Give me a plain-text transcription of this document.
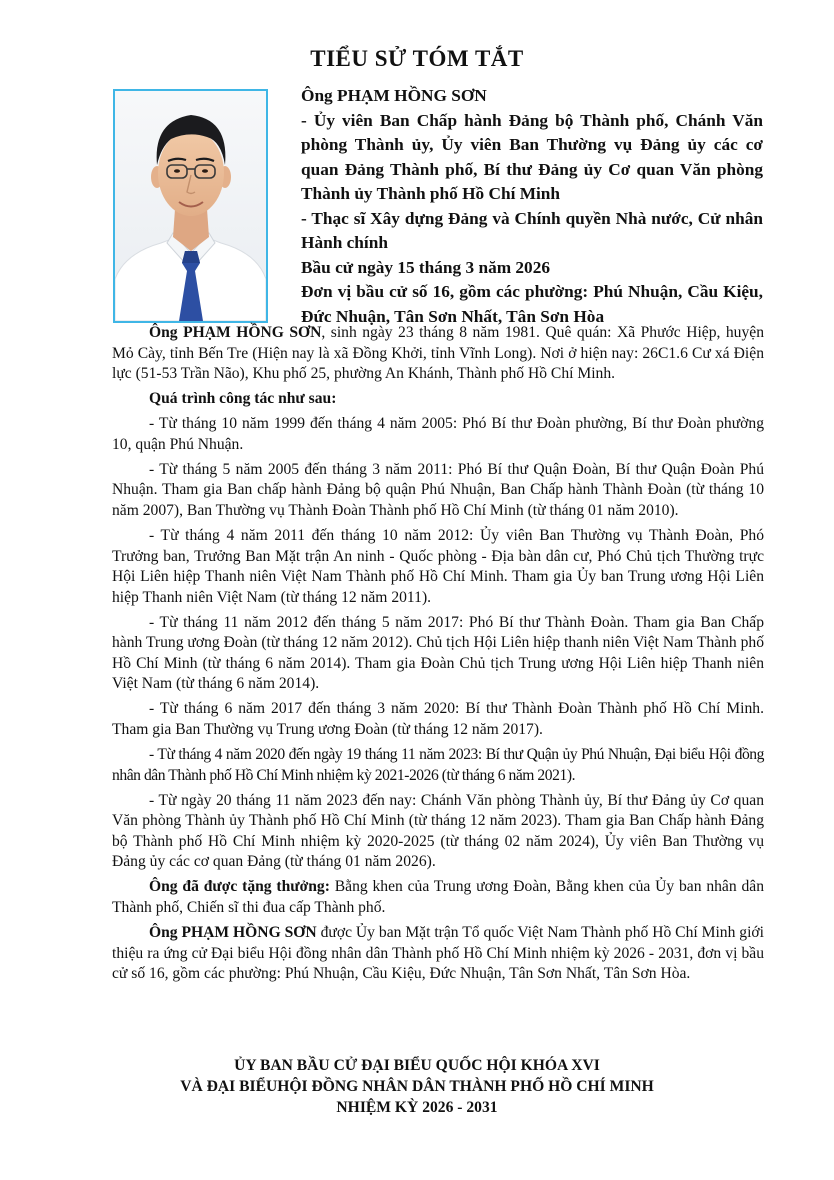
TIỂU SỬ TÓM TẮT
Ông PHẠM HỒNG SƠN
- Ủy viên Ban Chấp hành Đảng bộ Thành phố, Chánh Văn phòng Thành ủy, Ủy viên Ban Thường vụ Đảng ủy các cơ quan Đảng Thành phố, Bí thư Đảng ủy Cơ quan Văn phòng Thành ủy Thành phố Hồ Chí Minh
- Thạc sĩ Xây dựng Đảng và Chính quyền Nhà nước, Cử nhân Hành chính
Bầu cử ngày 15 tháng 3 năm 2026
Đơn vị bầu cử số 16, gồm các phường: Phú Nhuận, Cầu Kiệu, Đức Nhuận, Tân Sơn Nhất, Tân Sơn Hòa

Ông PHẠM HỒNG SƠN, sinh ngày 23 tháng 8 năm 1981. Quê quán: Xã Phước Hiệp, huyện Mỏ Cày, tỉnh Bến Tre (Hiện nay là xã Đồng Khởi, tỉnh Vĩnh Long). Nơi ở hiện nay: 26C1.6 Cư xá Điện lực (51-53 Trần Não), Khu phố 25, phường An Khánh, Thành phố Hồ Chí Minh.

Quá trình công tác như sau:

- Từ tháng 10 năm 1999 đến tháng 4 năm 2005: Phó Bí thư Đoàn phường, Bí thư Đoàn phường 10, quận Phú Nhuận.

- Từ tháng 5 năm 2005 đến tháng 3 năm 2011: Phó Bí thư Quận Đoàn, Bí thư Quận Đoàn Phú Nhuận. Tham gia Ban chấp hành Đảng bộ quận Phú Nhuận, Ban Chấp hành Thành Đoàn (từ tháng 10 năm 2007), Ban Thường vụ Thành Đoàn Thành phố Hồ Chí Minh (từ tháng 01 năm 2010).

- Từ tháng 4 năm 2011 đến tháng 10 năm 2012: Ủy viên Ban Thường vụ Thành Đoàn, Phó Trưởng ban, Trưởng Ban Mặt trận An ninh - Quốc phòng - Địa bàn dân cư, Phó Chủ tịch Thường trực Hội Liên hiệp Thanh niên Việt Nam Thành phố Hồ Chí Minh. Tham gia Ủy ban Trung ương Hội Liên hiệp Thanh niên Việt Nam (từ tháng 12 năm 2011).

- Từ tháng 11 năm 2012 đến tháng 5 năm 2017: Phó Bí thư Thành Đoàn. Tham gia Ban Chấp hành Trung ương Đoàn (từ tháng 12 năm 2012). Chủ tịch Hội Liên hiệp thanh niên Việt Nam Thành phố Hồ Chí Minh (từ tháng 6 năm 2014). Tham gia Đoàn Chủ tịch Trung ương Hội Liên hiệp Thanh niên Việt Nam (từ tháng 6 năm 2014).

- Từ tháng 6 năm 2017 đến tháng 3 năm 2020: Bí thư Thành Đoàn Thành phố Hồ Chí Minh. Tham gia Ban Thường vụ Trung ương Đoàn (từ tháng 12 năm 2017).

- Từ tháng 4 năm 2020 đến ngày 19 tháng 11 năm 2023: Bí thư Quận ủy Phú Nhuận, Đại biểu Hội đồng nhân dân Thành phố Hồ Chí Minh nhiệm kỳ 2021-2026 (từ tháng 6 năm 2021).

- Từ ngày 20 tháng 11 năm 2023 đến nay: Chánh Văn phòng Thành ủy, Bí thư Đảng ủy Cơ quan Văn phòng Thành ủy Thành phố Hồ Chí Minh (từ tháng 12 năm 2023). Tham gia Ban Chấp hành Đảng bộ Thành phố Hồ Chí Minh nhiệm kỳ 2020-2025 (từ tháng 02 năm 2024), Ủy viên Ban Thường vụ Đảng ủy các cơ quan Đảng (từ tháng 01 năm 2026).

Ông đã được tặng thưởng: Bằng khen của Trung ương Đoàn, Bằng khen của Ủy ban nhân dân Thành phố, Chiến sĩ thi đua cấp Thành phố.

Ông PHẠM HỒNG SƠN được Ủy ban Mặt trận Tổ quốc Việt Nam Thành phố Hồ Chí Minh giới thiệu ra ứng cử Đại biểu Hội đồng nhân dân Thành phố Hồ Chí Minh nhiệm kỳ 2026 - 2031, đơn vị bầu cử số 16, gồm các phường: Phú Nhuận, Cầu Kiệu, Đức Nhuận, Tân Sơn Nhất, Tân Sơn Hòa.

ỦY BAN BẦU CỬ ĐẠI BIỂU QUỐC HỘI KHÓA XVI
VÀ ĐẠI BIỂUHỘI ĐỒNG NHÂN DÂN THÀNH PHỐ HỒ CHÍ MINH
NHIỆM KỲ 2026 - 2031
